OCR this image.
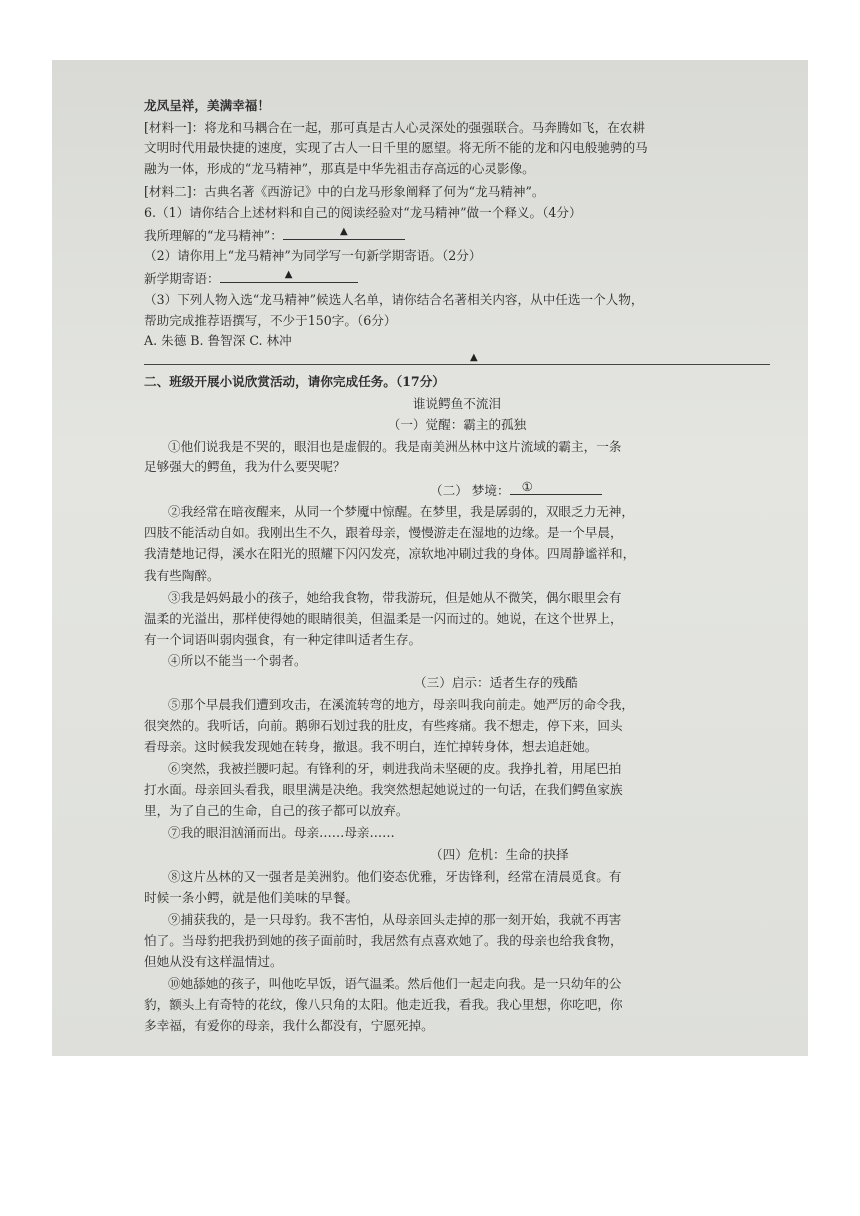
龙凤呈祥，美满幸福！
[材料一]：将龙和马耦合在一起，那可真是古人心灵深处的强强联合。马奔腾如飞，在农耕
文明时代用最快捷的速度，实现了古人一日千里的愿望。将无所不能的龙和闪电般驰骋的马
融为一体，形成的“龙马精神”，那真是中华先祖击存高远的心灵影像。
[材料二]：古典名著《西游记》中的白龙马形象阐释了何为“龙马精神”。
6.（1）请你结合上述材料和自己的阅读经验对“龙马精神”做一个释义。（4分）
我所理解的“龙马精神”：	▲
（2）请你用上“龙马精神”为同学写一句新学期寄语。（2分）
新学期寄语：	▲
（3）下列人物入选“龙马精神”候选人名单，请你结合名著相关内容，从中任选一个人物，
帮助完成推荐语撰写，不少于150字。（6分）
A. 朱德 B. 鲁智深 C. 林冲
▲
二、班级开展小说欣赏活动，请你完成任务。（17分）
谁说鳄鱼不流泪
（一）觉醒：霸主的孤独
①他们说我是不哭的，眼泪也是虚假的。我是南美洲丛林中这片流域的霸主，一条
足够强大的鳄鱼，我为什么要哭呢？
（二） 梦境： ①
②我经常在暗夜醒来，从同一个梦魇中惊醒。在梦里，我是孱弱的，双眼乏力无神，
四肢不能活动自如。我刚出生不久，跟着母亲，慢慢游走在湿地的边缘。是一个早晨，
我清楚地记得，溪水在阳光的照耀下闪闪发亮，凉软地冲刷过我的身体。四周静谧祥和，
我有些陶醉。
③我是妈妈最小的孩子，她给我食物，带我游玩，但是她从不微笑，偶尔眼里会有
温柔的光溢出，那样使得她的眼睛很美，但温柔是一闪而过的。她说，在这个世界上，
有一个词语叫弱肉强食，有一种定律叫适者生存。
④所以不能当一个弱者。
（三）启示：适者生存的残酷
⑤那个早晨我们遭到攻击，在溪流转弯的地方，母亲叫我向前走。她严厉的命令我，
很突然的。我听话，向前。鹅卵石划过我的肚皮，有些疼痛。我不想走，停下来，回头
看母亲。这时候我发现她在转身，撤退。我不明白，连忙掉转身体，想去追赶她。
⑥突然，我被拦腰叼起。有锋利的牙，刺进我尚未坚硬的皮。我挣扎着，用尾巴拍
打水面。母亲回头看我，眼里满是决绝。我突然想起她说过的一句话，在我们鳄鱼家族
里，为了自己的生命，自己的孩子都可以放弃。
⑦我的眼泪汹涌而出。母亲……母亲……
（四）危机：生命的抉择
⑧这片丛林的又一强者是美洲豹。他们姿态优雅，牙齿锋利，经常在清晨觅食。有
时候一条小鳄，就是他们美味的早餐。
⑨捕获我的，是一只母豹。我不害怕，从母亲回头走掉的那一刻开始，我就不再害
怕了。当母豹把我扔到她的孩子面前时，我居然有点喜欢她了。我的母亲也给我食物，
但她从没有这样温情过。
⑩她舔她的孩子，叫他吃早饭，语气温柔。然后他们一起走向我。是一只幼年的公
豹，额头上有奇特的花纹，像八只角的太阳。他走近我，看我。我心里想，你吃吧，你
多幸福，有爱你的母亲，我什么都没有，宁愿死掉。
